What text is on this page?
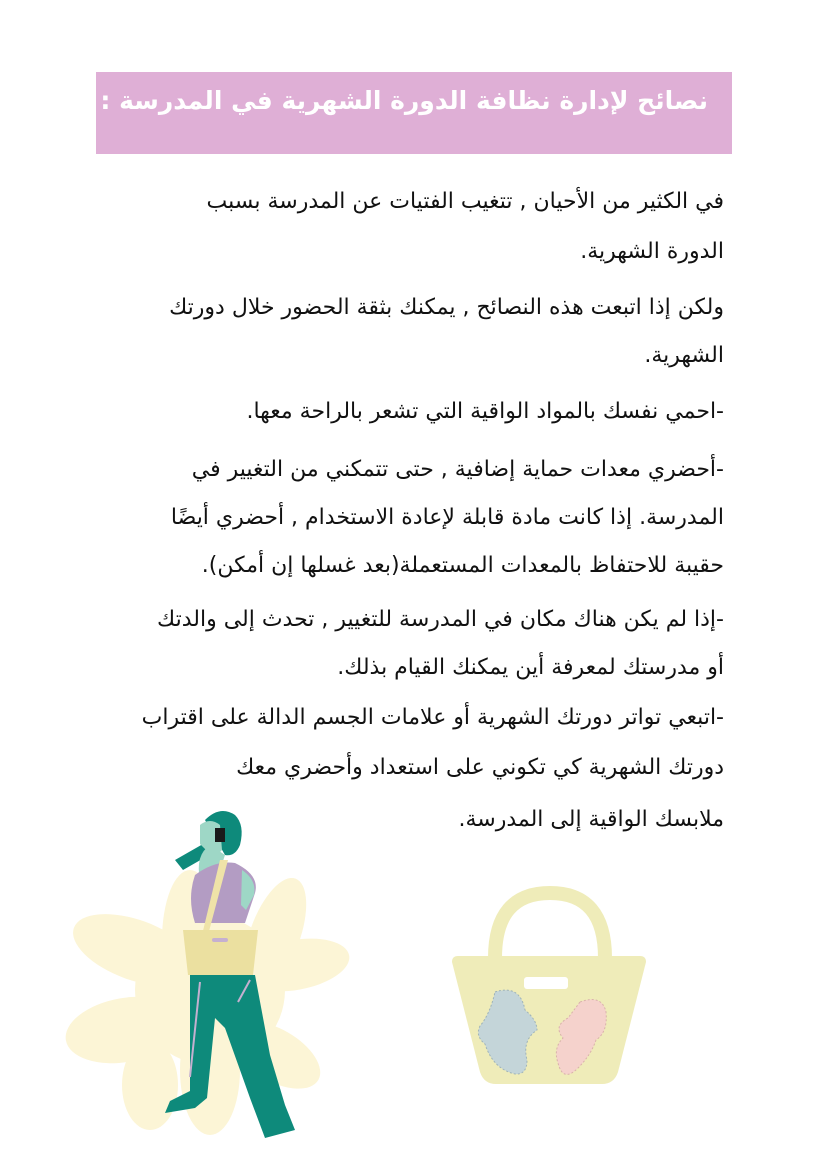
نصائح لإدارة نظافة الدورة الشهرية في المدرسة :
في الكثير من الأحيان , تتغيب الفتيات عن المدرسة بسبب
الدورة الشهرية.
ولكن إذا اتبعت هذه النصائح , يمكنك بثقة الحضور خلال دورتك
الشهرية.
-احمي نفسك بالمواد الواقية التي تشعر بالراحة معها.
-أحضري معدات حماية إضافية , حتى تتمكني من التغيير في
المدرسة. إذا كانت مادة قابلة لإعادة الاستخدام , أحضري أيضًا
حقيبة للاحتفاظ بالمعدات المستعملة(بعد غسلها إن أمكن).
-إذا لم يكن هناك مكان في المدرسة للتغيير , تحدث إلى والدتك
أو مدرستك لمعرفة أين يمكنك القيام بذلك.
-اتبعي تواتر دورتك الشهرية أو علامات الجسم الدالة على اقتراب
دورتك الشهرية كي تكوني على استعداد وأحضري معك
ملابسك الواقية إلى المدرسة.
